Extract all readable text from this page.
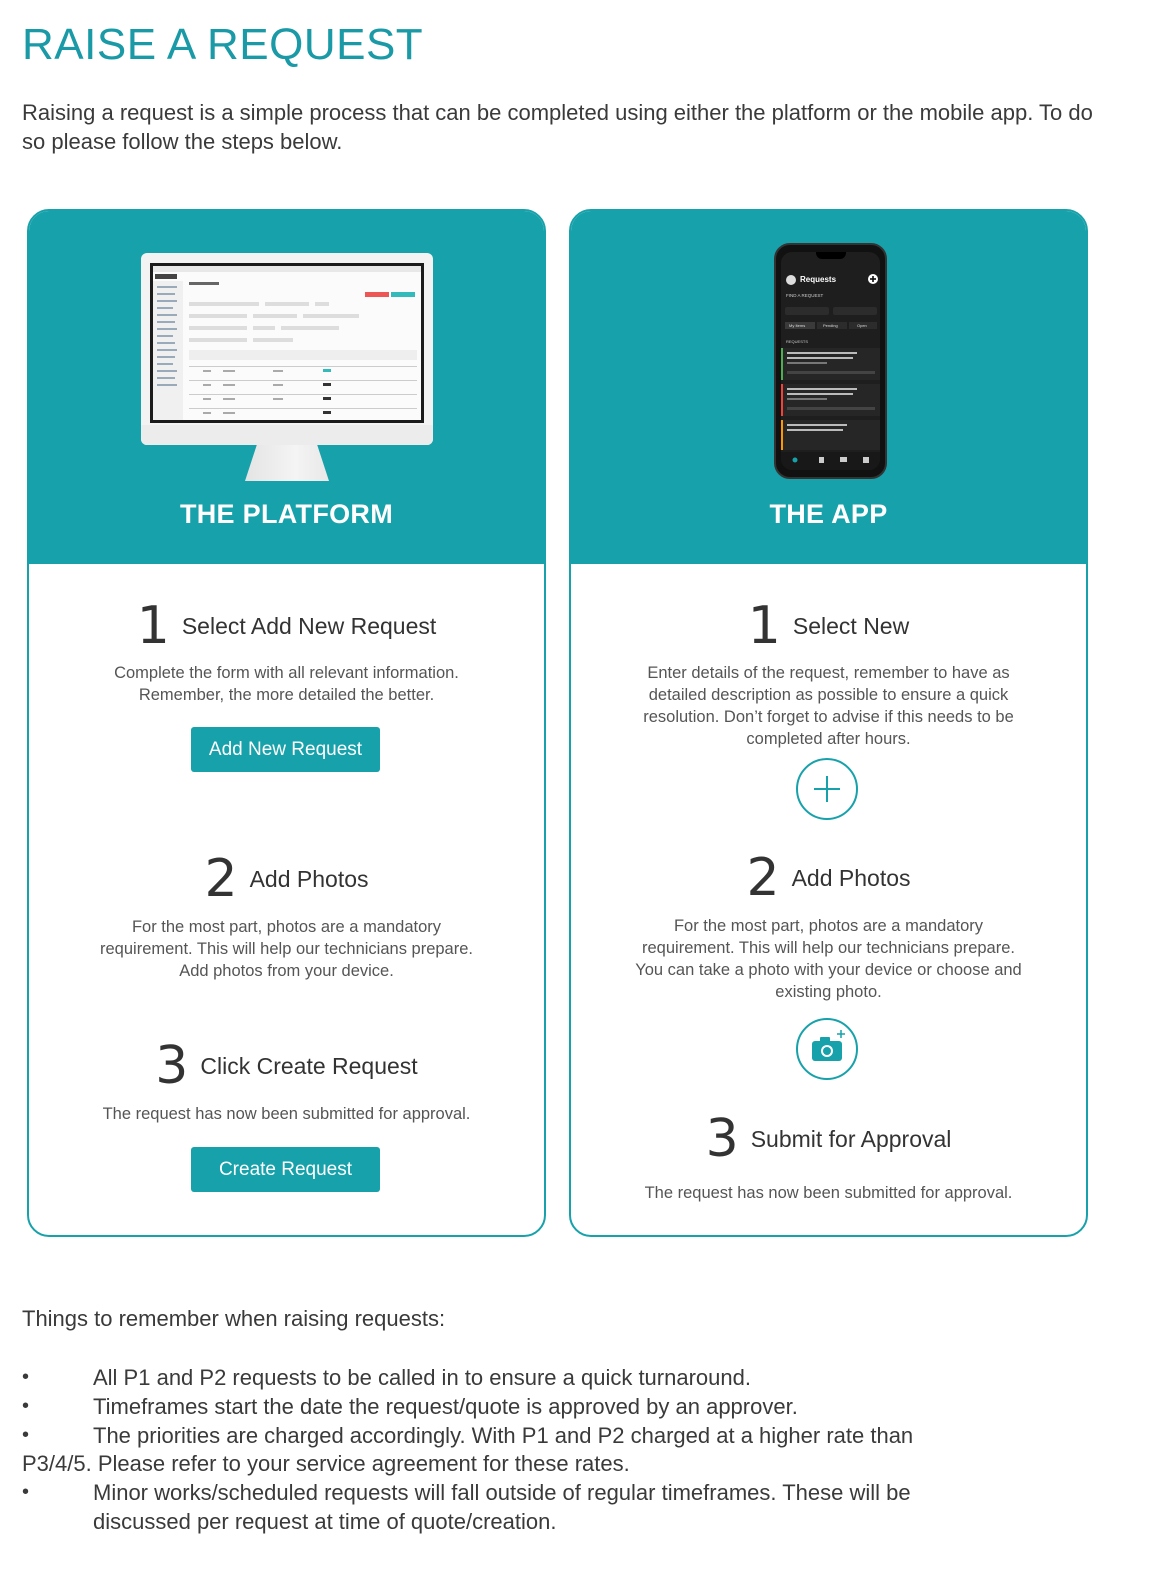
RAISE A REQUEST

Raising a request is a simple process that can be completed using either the platform or the mobile app. To do so please follow the steps below.

THE PLATFORM
1 Select Add New Request
Complete the form with all relevant information.
Remember, the more detailed the better.
Add New Request
2 Add Photos
For the most part, photos are a mandatory
requirement. This will help our technicians prepare.
Add photos from your device.
3 Click Create Request
The request has now been submitted for approval.
Create Request
Requests
FIND A REQUEST
My Items	Pending	Open
REQUESTS
THE APP
1 Select New
Enter details of the request, remember to have as
detailed description as possible to ensure a quick
resolution. Don’t forget to advise if this needs to be
completed after hours.
2 Add Photos
For the most part, photos are a mandatory
requirement. This will help our technicians prepare.
You can take a photo with your device or choose and
existing photo.
3 Submit for Approval
The request has now been submitted for approval.
Things to remember when raising requests:
•	All P1 and P2 requests to be called in to ensure a quick turnaround.
•	Timeframes start the date the request/quote is approved by an approver.
•	The priorities are charged accordingly. With P1 and P2 charged at a higher rate than
P3/4/5. Please refer to your service agreement for these rates.
•	Minor works/scheduled requests will fall outside of regular timeframes. These will be
discussed per request at time of quote/creation.
